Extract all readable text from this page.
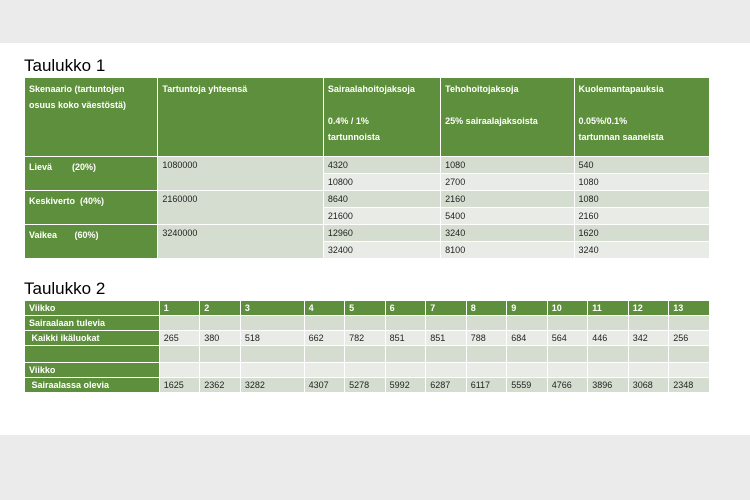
Taulukko 1
Skenaario (tartuntojen
osuus koko väestöstä)	Tartuntoja yhteensä	Sairaalahoitojaksoja

0.4% / 1%
tartunnoista	Tehohoitojaksoja

25% sairaalajaksoista	Kuolemantapauksia

0.05%/0.1%
tartunnan saaneista
Lievä        (20%)	1080000	4320	1080	540
		10800	2700	1080
Keskiverto  (40%)	2160000	8640	2160	1080
		21600	5400	2160
Vaikea       (60%)	3240000	12960	3240	1620
		32400	8100	3240
Taulukko 2
Viikko	1	2	3	4	5	6	7	8	9	10	11	12	13
Sairaalaan tulevia													
Kaikki ikäluokat	265	380	518	662	782	851	851	788	684	564	446	342	256

Viikko													
Sairaalassa olevia	1625	2362	3282	4307	5278	5992	6287	6117	5559	4766	3896	3068	2348
